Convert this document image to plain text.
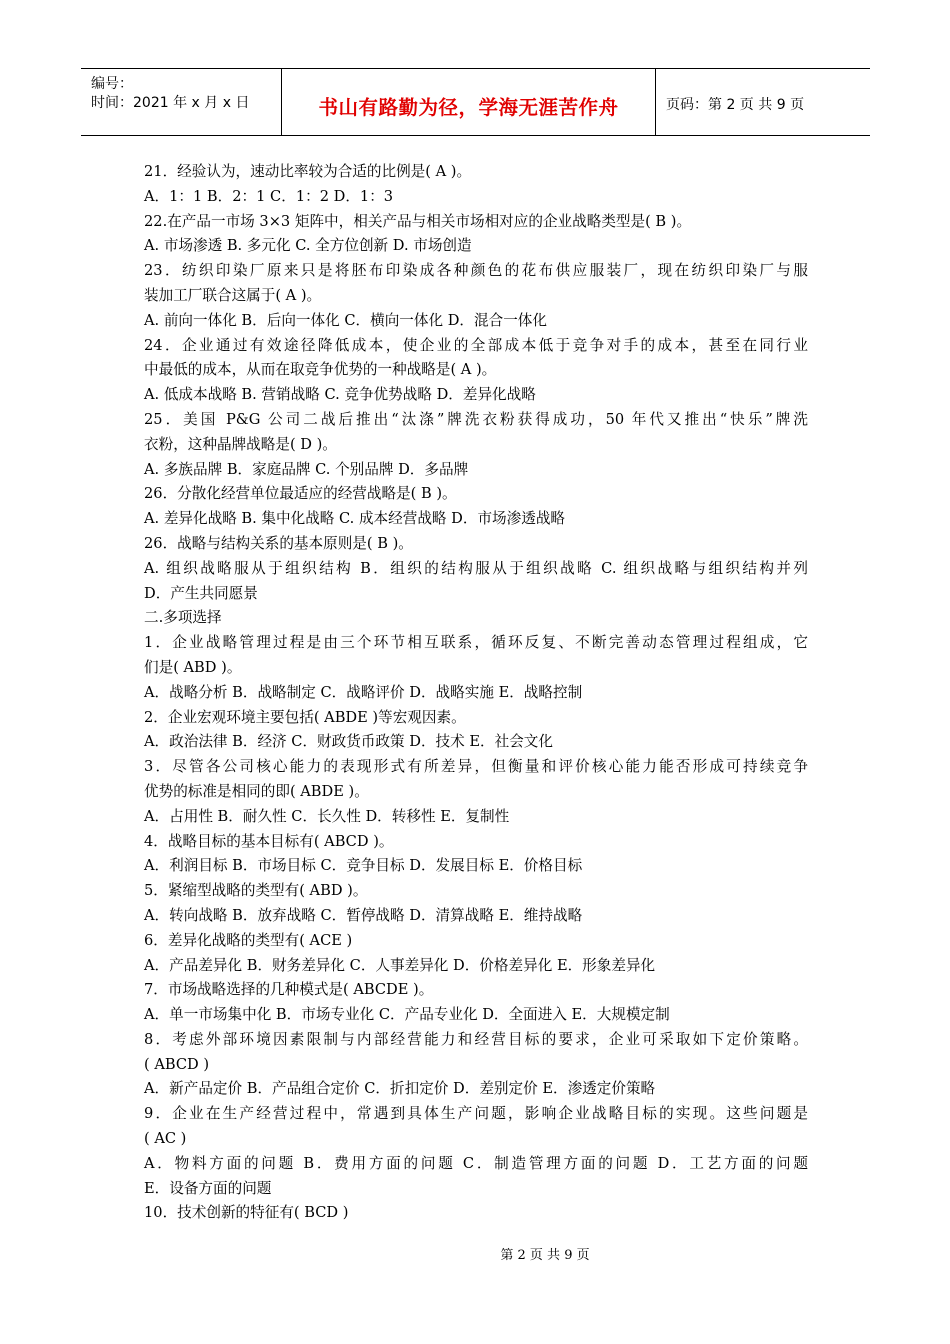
编号：
时间：2021 年 x 月 x 日	书山有路勤为径，学海无涯苦作舟	页码：第 2 页 共 9 页
21．经验认为，速动比率较为合适的比例是( A )。
A．1：1 B．2：1 C．1：2 D．1：3
22.在产品一市场 3×3 矩阵中，相关产品与相关市场相对应的企业战略类型是( B )。
A. 市场渗透 B. 多元化 C. 全方位创新 D. 市场创造
23．纺织印染厂原来只是将胚布印染成各种颜色的花布供应服装厂，现在纺织印染厂与服
装加工厂联合这属于( A )。
A. 前向一体化 B．后向一体化 C．横向一体化 D．混合一体化
24．企业通过有效途径降低成本，使企业的全部成本低于竞争对手的成本，甚至在同行业
中最低的成本，从而在取竞争优势的一种战略是( A )。
A. 低成本战略 B. 营销战略 C. 竞争优势战略 D．差异化战略
25．美国 P&G 公司二战后推出“汰涤”牌洗衣粉获得成功，50 年代又推出“快乐”牌洗
衣粉，这种晶牌战略是( D )。
A. 多族品牌 B．家庭品牌 C. 个别品牌 D．多品牌
26．分散化经营单位最适应的经营战略是( B )。
A. 差异化战略 B. 集中化战略 C. 成本经营战略 D．市场渗透战略
26．战略与结构关系的基本原则是( B )。
A. 组织战略服从于组织结构 B．组织的结构服从于组织战略 C. 组织战略与组织结构并列
D．产生共同愿景
二.多项选择
1．企业战略管理过程是由三个环节相互联系，循环反复、不断完善动态管理过程组成，它
们是( ABD )。
A．战略分析 B．战略制定 C．战略评价 D．战略实施 E．战略控制
2．企业宏观环境主要包括( ABDE )等宏观因素。
A．政治法律 B．经济 C．财政货币政策 D．技术 E．社会文化
3．尽管各公司核心能力的表现形式有所差异，但衡量和评价核心能力能否形成可持续竞争
优势的标准是相同的即( ABDE )。
A．占用性 B．耐久性 C．长久性 D．转移性 E．复制性
4．战略目标的基本目标有( ABCD )。
A．利润目标 B．市场目标 C．竞争目标 D．发展目标 E．价格目标
5．紧缩型战略的类型有( ABD )。
A．转向战略 B．放弃战略 C．暂停战略 D．清算战略 E．维持战略
6．差异化战略的类型有( ACE )
A．产品差异化 B．财务差异化 C．人事差异化 D．价格差异化 E．形象差异化
7．市场战略选择的几种模式是( ABCDE )。
A．单一市场集中化 B．市场专业化 C．产品专业化 D．全面进入 E．大规模定制
8．考虑外部环境因素限制与内部经营能力和经营目标的要求，企业可采取如下定价策略。
( ABCD )
A．新产品定价 B．产品组合定价 C．折扣定价 D．差别定价 E．渗透定价策略
9．企业在生产经营过程中，常遇到具体生产问题，影响企业战略目标的实现。这些问题是
( AC )
A．物料方面的问题 B．费用方面的问题 C．制造管理方面的问题 D．工艺方面的问题
E．设备方面的问题
10．技术创新的特征有( BCD )
第 2 页 共 9 页
